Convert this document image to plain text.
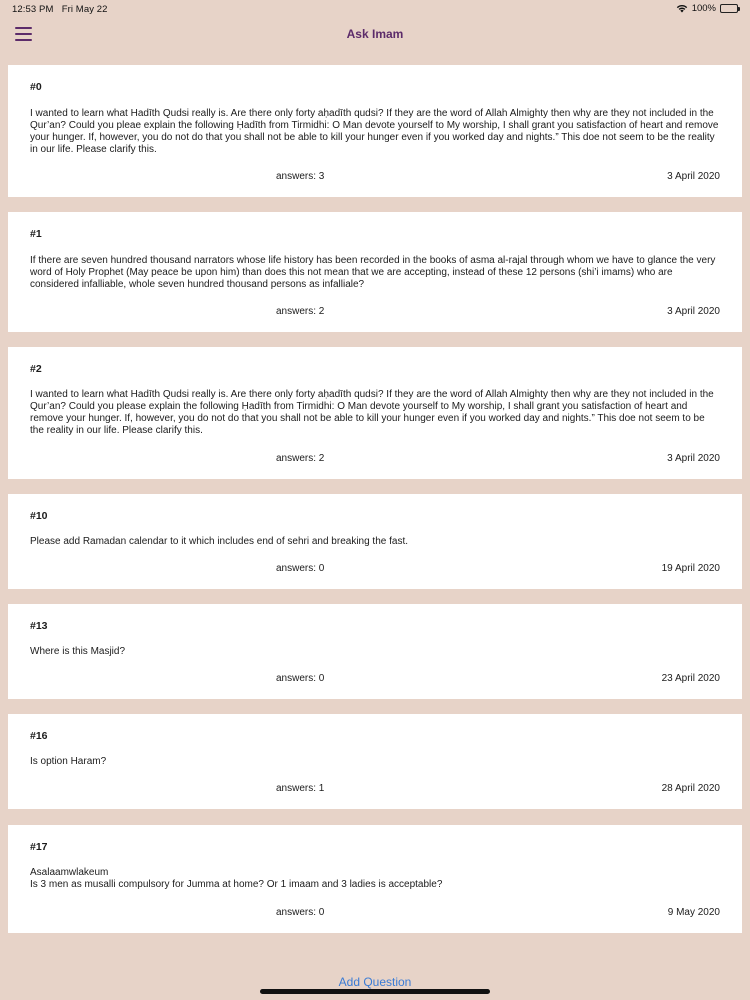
12:53 PM Fri May 22	100%
Ask Imam
#0
I wanted to learn what Hadīth Qudsi really is. Are there only forty aḥadīth qudsi? If they are the word of Allah Almighty then why are they not included in the Qur’an? Could you pleae explain the following Ḥadīth from Tirmidhi: O Man devote yourself to My worship, I shall grant you satisfaction of heart and remove your hunger. If, however, you do not do that you shall not be able to kill your hunger even if you worked day and nights.” This doe not seem to be the reality in our life. Please clarify this.
answers: 3	3 April 2020
#1
If there are seven hundred thousand narrators whose life history has been recorded in the books of asma al-rajal through whom we have to glance the very word of Holy Prophet (May peace be upon him) than does this not mean that we are accepting, instead of these 12 persons (shi’i imams) who are considered infalliable, whole seven hundred thousand persons as infalliale?
answers: 2	3 April 2020
#2
I wanted to learn what Hadīth Qudsi really is. Are there only forty aḥadīth qudsi? If they are the word of Allah Almighty then why are they not included in the Qur’an? Could you please explain the following Ḥadīth from Tirmidhi: O Man devote yourself to My worship, I shall grant you satisfaction of heart and remove your hunger. If, however, you do not do that you shall not be able to kill your hunger even if you worked day and nights.” This doe not seem to be the reality in our life. Please clarify this.
answers: 2	3 April 2020
#10
Please add Ramadan calendar to it which includes end of sehri and breaking the fast.
answers: 0	19 April 2020
#13
Where is this Masjid?
answers: 0	23 April 2020
#16
Is option Haram?
answers: 1	28 April 2020
#17
Asalaamwlakeum
Is 3 men as musalli compulsory for Jumma at home? Or 1 imaam and 3 ladies is acceptable?
answers: 0	9 May 2020
Add Question
